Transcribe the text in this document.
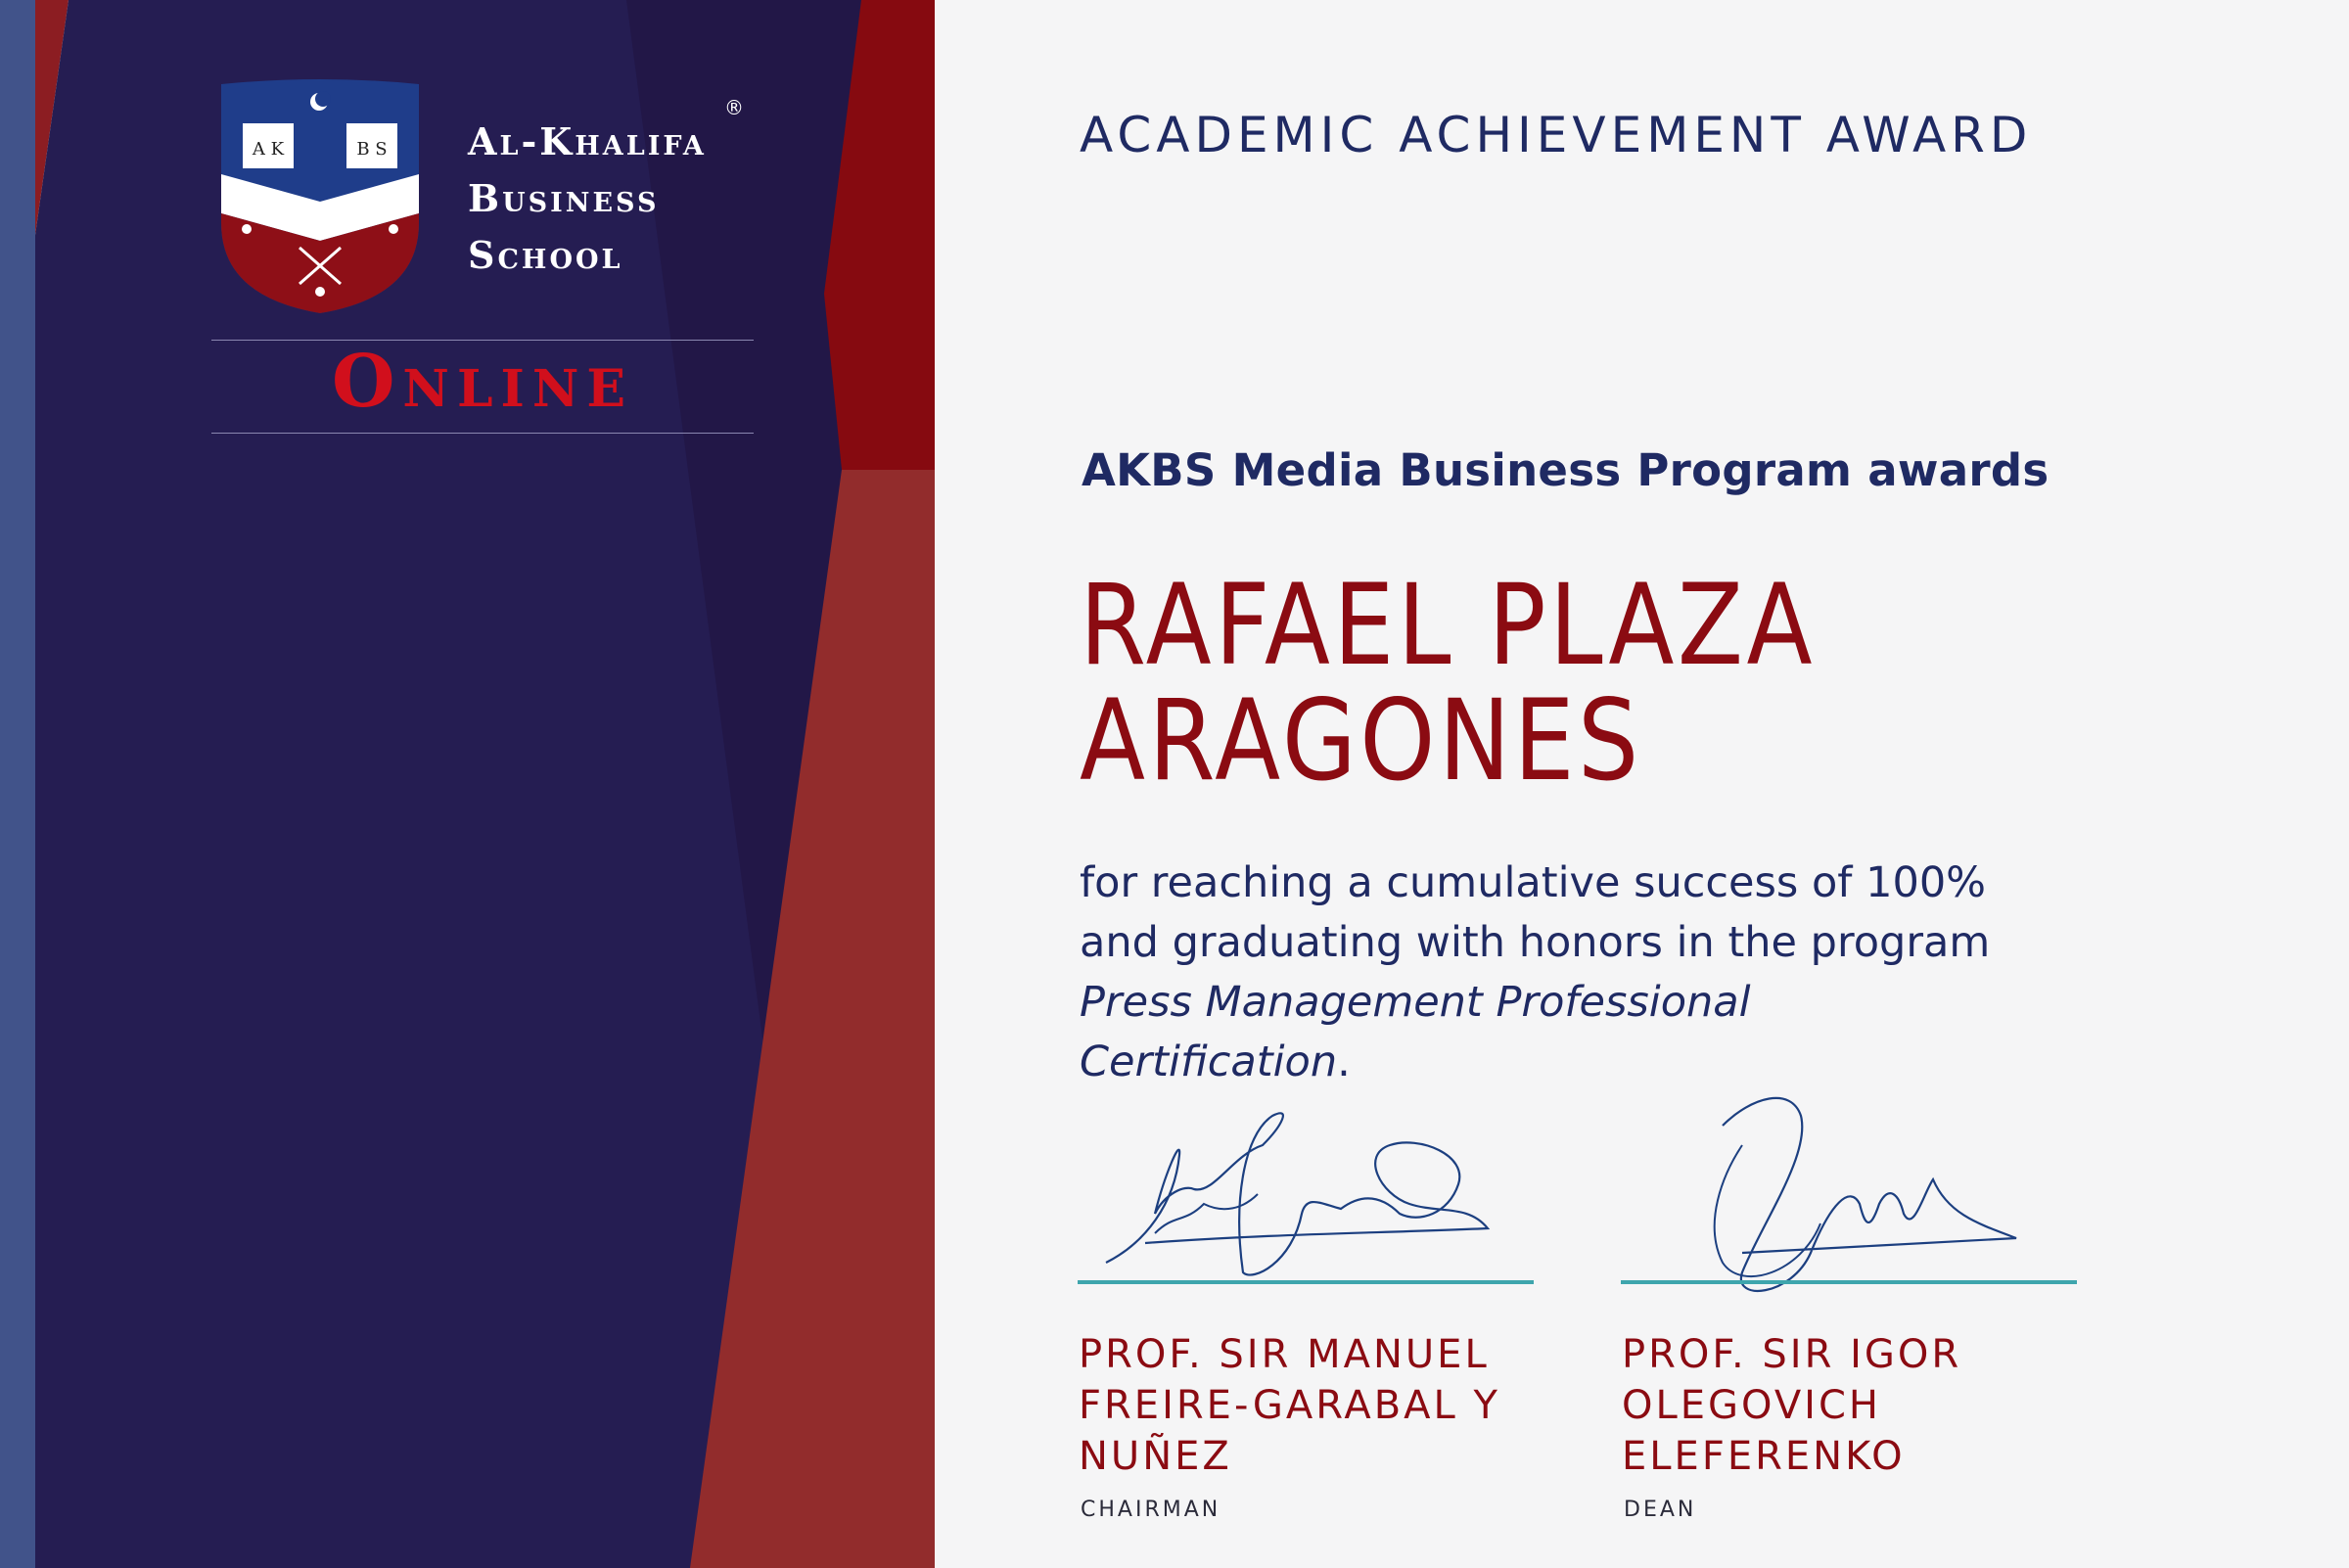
A K	B S Al-Khalifa
Business
School
®
Online
ACADEMIC ACHIEVEMENT AWARD
AKBS Media Business Program awards
RAFAEL PLAZA
ARAGONES
for reaching a cumulative success of 100%
and graduating with honors in the program
Press Management Professional
Certification.
PROF. SIR MANUEL
FREIRE-GARABAL Y
NUÑEZ
CHAIRMAN
PROF. SIR IGOR
OLEGOVICH
ELEFERENKO
DEAN
